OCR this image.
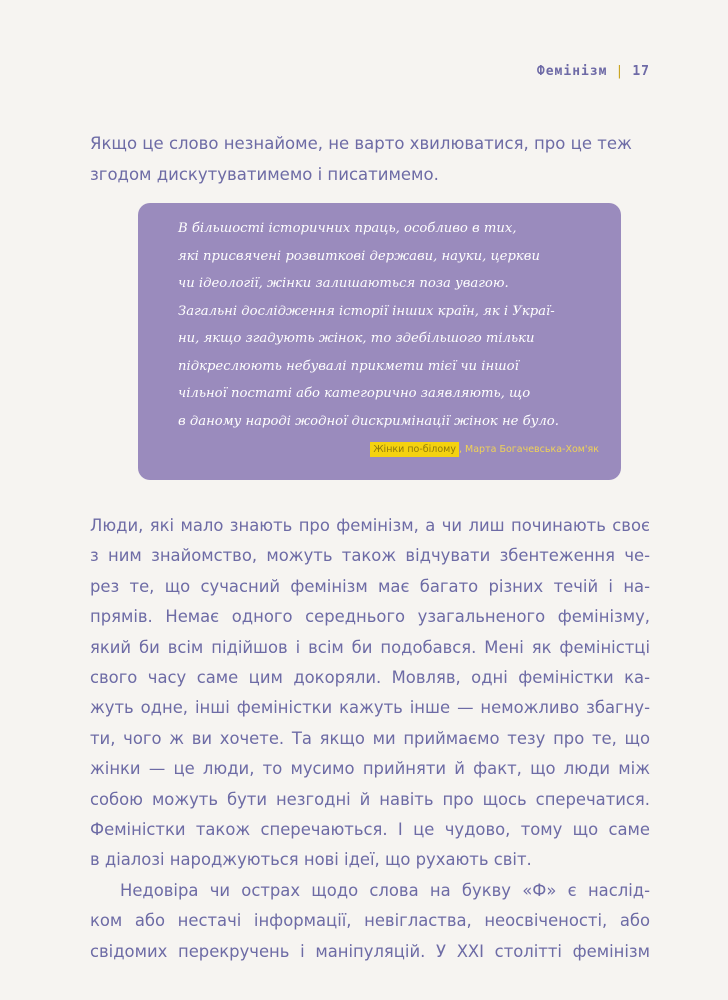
Фемінізм | 17

Якщо це слово незнайоме, не варто хвилюватися, про це теж згодом дискутуватимемо і писатимемо.

В більшості історичних праць, особливо в тих,
які присвячені розвиткові держави, науки, церкви
чи ідеології, жінки залишаються поза увагою.
Загальні дослідження історії інших країн, як і Украї-
ни, якщо згадують жінок, то здебільшого тільки
підкреслюють небувалі прикмети тієї чи іншої
чільної постаті або категорично заявляють, що
в даному народі жодної дискримінації жінок не було.

Жінки по-білому , Марта Богачевська-Хом'як
Люди, які мало знають про фемінізм, а чи лиш починають своє
з ним знайомство, можуть також відчувати збентеження че-
рез те, що сучасний фемінізм має багато різних течій і на-
прямів. Немає одного середнього узагальненого фемінізму,
який би всім підійшов і всім би подобався. Мені як феміністці
свого часу саме цим докоряли. Мовляв, одні феміністки ка-
жуть одне, інші феміністки кажуть інше — неможливо збагну-
ти, чого ж ви хочете. Та якщо ми приймаємо тезу про те, що
жінки — це люди, то мусимо прийняти й факт, що люди між
собою можуть бути незгодні й навіть про щось сперечатися.
Феміністки також сперечаються. І це чудово, тому що саме
в діалозі народжуються нові ідеї, що рухають світ.
Недовіра чи острах щодо слова на букву «Ф» є наслід-
ком або нестачі інформації, невігластва, неосвіченості, або
свідомих перекручень і маніпуляцій. У XXI столітті фемінізм
